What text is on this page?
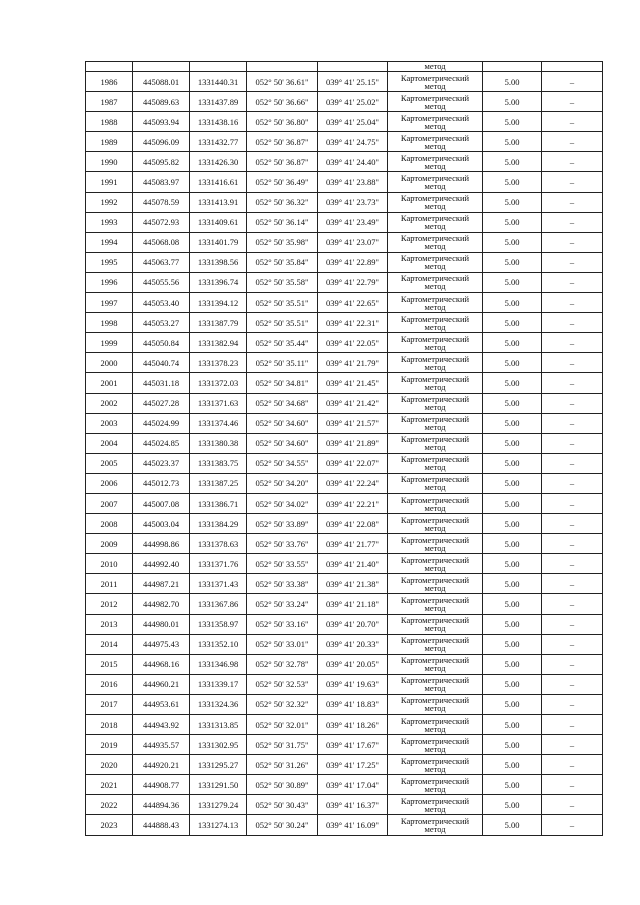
					метод		
1986	445088.01	1331440.31	052° 50' 36.61"	039° 41' 25.15"	Картометрический
метод	5.00	–
1987	445089.63	1331437.89	052° 50' 36.66"	039° 41' 25.02"	Картометрический
метод	5.00	–
1988	445093.94	1331438.16	052° 50' 36.80"	039° 41' 25.04"	Картометрический
метод	5.00	–
1989	445096.09	1331432.77	052° 50' 36.87"	039° 41' 24.75"	Картометрический
метод	5.00	–
1990	445095.82	1331426.30	052° 50' 36.87"	039° 41' 24.40"	Картометрический
метод	5.00	–
1991	445083.97	1331416.61	052° 50' 36.49"	039° 41' 23.88"	Картометрический
метод	5.00	–
1992	445078.59	1331413.91	052° 50' 36.32"	039° 41' 23.73"	Картометрический
метод	5.00	–
1993	445072.93	1331409.61	052° 50' 36.14"	039° 41' 23.49"	Картометрический
метод	5.00	–
1994	445068.08	1331401.79	052° 50' 35.98"	039° 41' 23.07"	Картометрический
метод	5.00	–
1995	445063.77	1331398.56	052° 50' 35.84"	039° 41' 22.89"	Картометрический
метод	5.00	–
1996	445055.56	1331396.74	052° 50' 35.58"	039° 41' 22.79"	Картометрический
метод	5.00	–
1997	445053.40	1331394.12	052° 50' 35.51"	039° 41' 22.65"	Картометрический
метод	5.00	–
1998	445053.27	1331387.79	052° 50' 35.51"	039° 41' 22.31"	Картометрический
метод	5.00	–
1999	445050.84	1331382.94	052° 50' 35.44"	039° 41' 22.05"	Картометрический
метод	5.00	–
2000	445040.74	1331378.23	052° 50' 35.11"	039° 41' 21.79"	Картометрический
метод	5.00	–
2001	445031.18	1331372.03	052° 50' 34.81"	039° 41' 21.45"	Картометрический
метод	5.00	–
2002	445027.28	1331371.63	052° 50' 34.68"	039° 41' 21.42"	Картометрический
метод	5.00	–
2003	445024.99	1331374.46	052° 50' 34.60"	039° 41' 21.57"	Картометрический
метод	5.00	–
2004	445024.85	1331380.38	052° 50' 34.60"	039° 41' 21.89"	Картометрический
метод	5.00	–
2005	445023.37	1331383.75	052° 50' 34.55"	039° 41' 22.07"	Картометрический
метод	5.00	–
2006	445012.73	1331387.25	052° 50' 34.20"	039° 41' 22.24"	Картометрический
метод	5.00	–
2007	445007.08	1331386.71	052° 50' 34.02"	039° 41' 22.21"	Картометрический
метод	5.00	–
2008	445003.04	1331384.29	052° 50' 33.89"	039° 41' 22.08"	Картометрический
метод	5.00	–
2009	444998.86	1331378.63	052° 50' 33.76"	039° 41' 21.77"	Картометрический
метод	5.00	–
2010	444992.40	1331371.76	052° 50' 33.55"	039° 41' 21.40"	Картометрический
метод	5.00	–
2011	444987.21	1331371.43	052° 50' 33.38"	039° 41' 21.38"	Картометрический
метод	5.00	–
2012	444982.70	1331367.86	052° 50' 33.24"	039° 41' 21.18"	Картометрический
метод	5.00	–
2013	444980.01	1331358.97	052° 50' 33.16"	039° 41' 20.70"	Картометрический
метод	5.00	–
2014	444975.43	1331352.10	052° 50' 33.01"	039° 41' 20.33"	Картометрический
метод	5.00	–
2015	444968.16	1331346.98	052° 50' 32.78"	039° 41' 20.05"	Картометрический
метод	5.00	–
2016	444960.21	1331339.17	052° 50' 32.53"	039° 41' 19.63"	Картометрический
метод	5.00	–
2017	444953.61	1331324.36	052° 50' 32.32"	039° 41' 18.83"	Картометрический
метод	5.00	–
2018	444943.92	1331313.85	052° 50' 32.01"	039° 41' 18.26"	Картометрический
метод	5.00	–
2019	444935.57	1331302.95	052° 50' 31.75"	039° 41' 17.67"	Картометрический
метод	5.00	–
2020	444920.21	1331295.27	052° 50' 31.26"	039° 41' 17.25"	Картометрический
метод	5.00	–
2021	444908.77	1331291.50	052° 50' 30.89"	039° 41' 17.04"	Картометрический
метод	5.00	–
2022	444894.36	1331279.24	052° 50' 30.43"	039° 41' 16.37"	Картометрический
метод	5.00	–
2023	444888.43	1331274.13	052° 50' 30.24"	039° 41' 16.09"	Картометрический
метод	5.00	–
